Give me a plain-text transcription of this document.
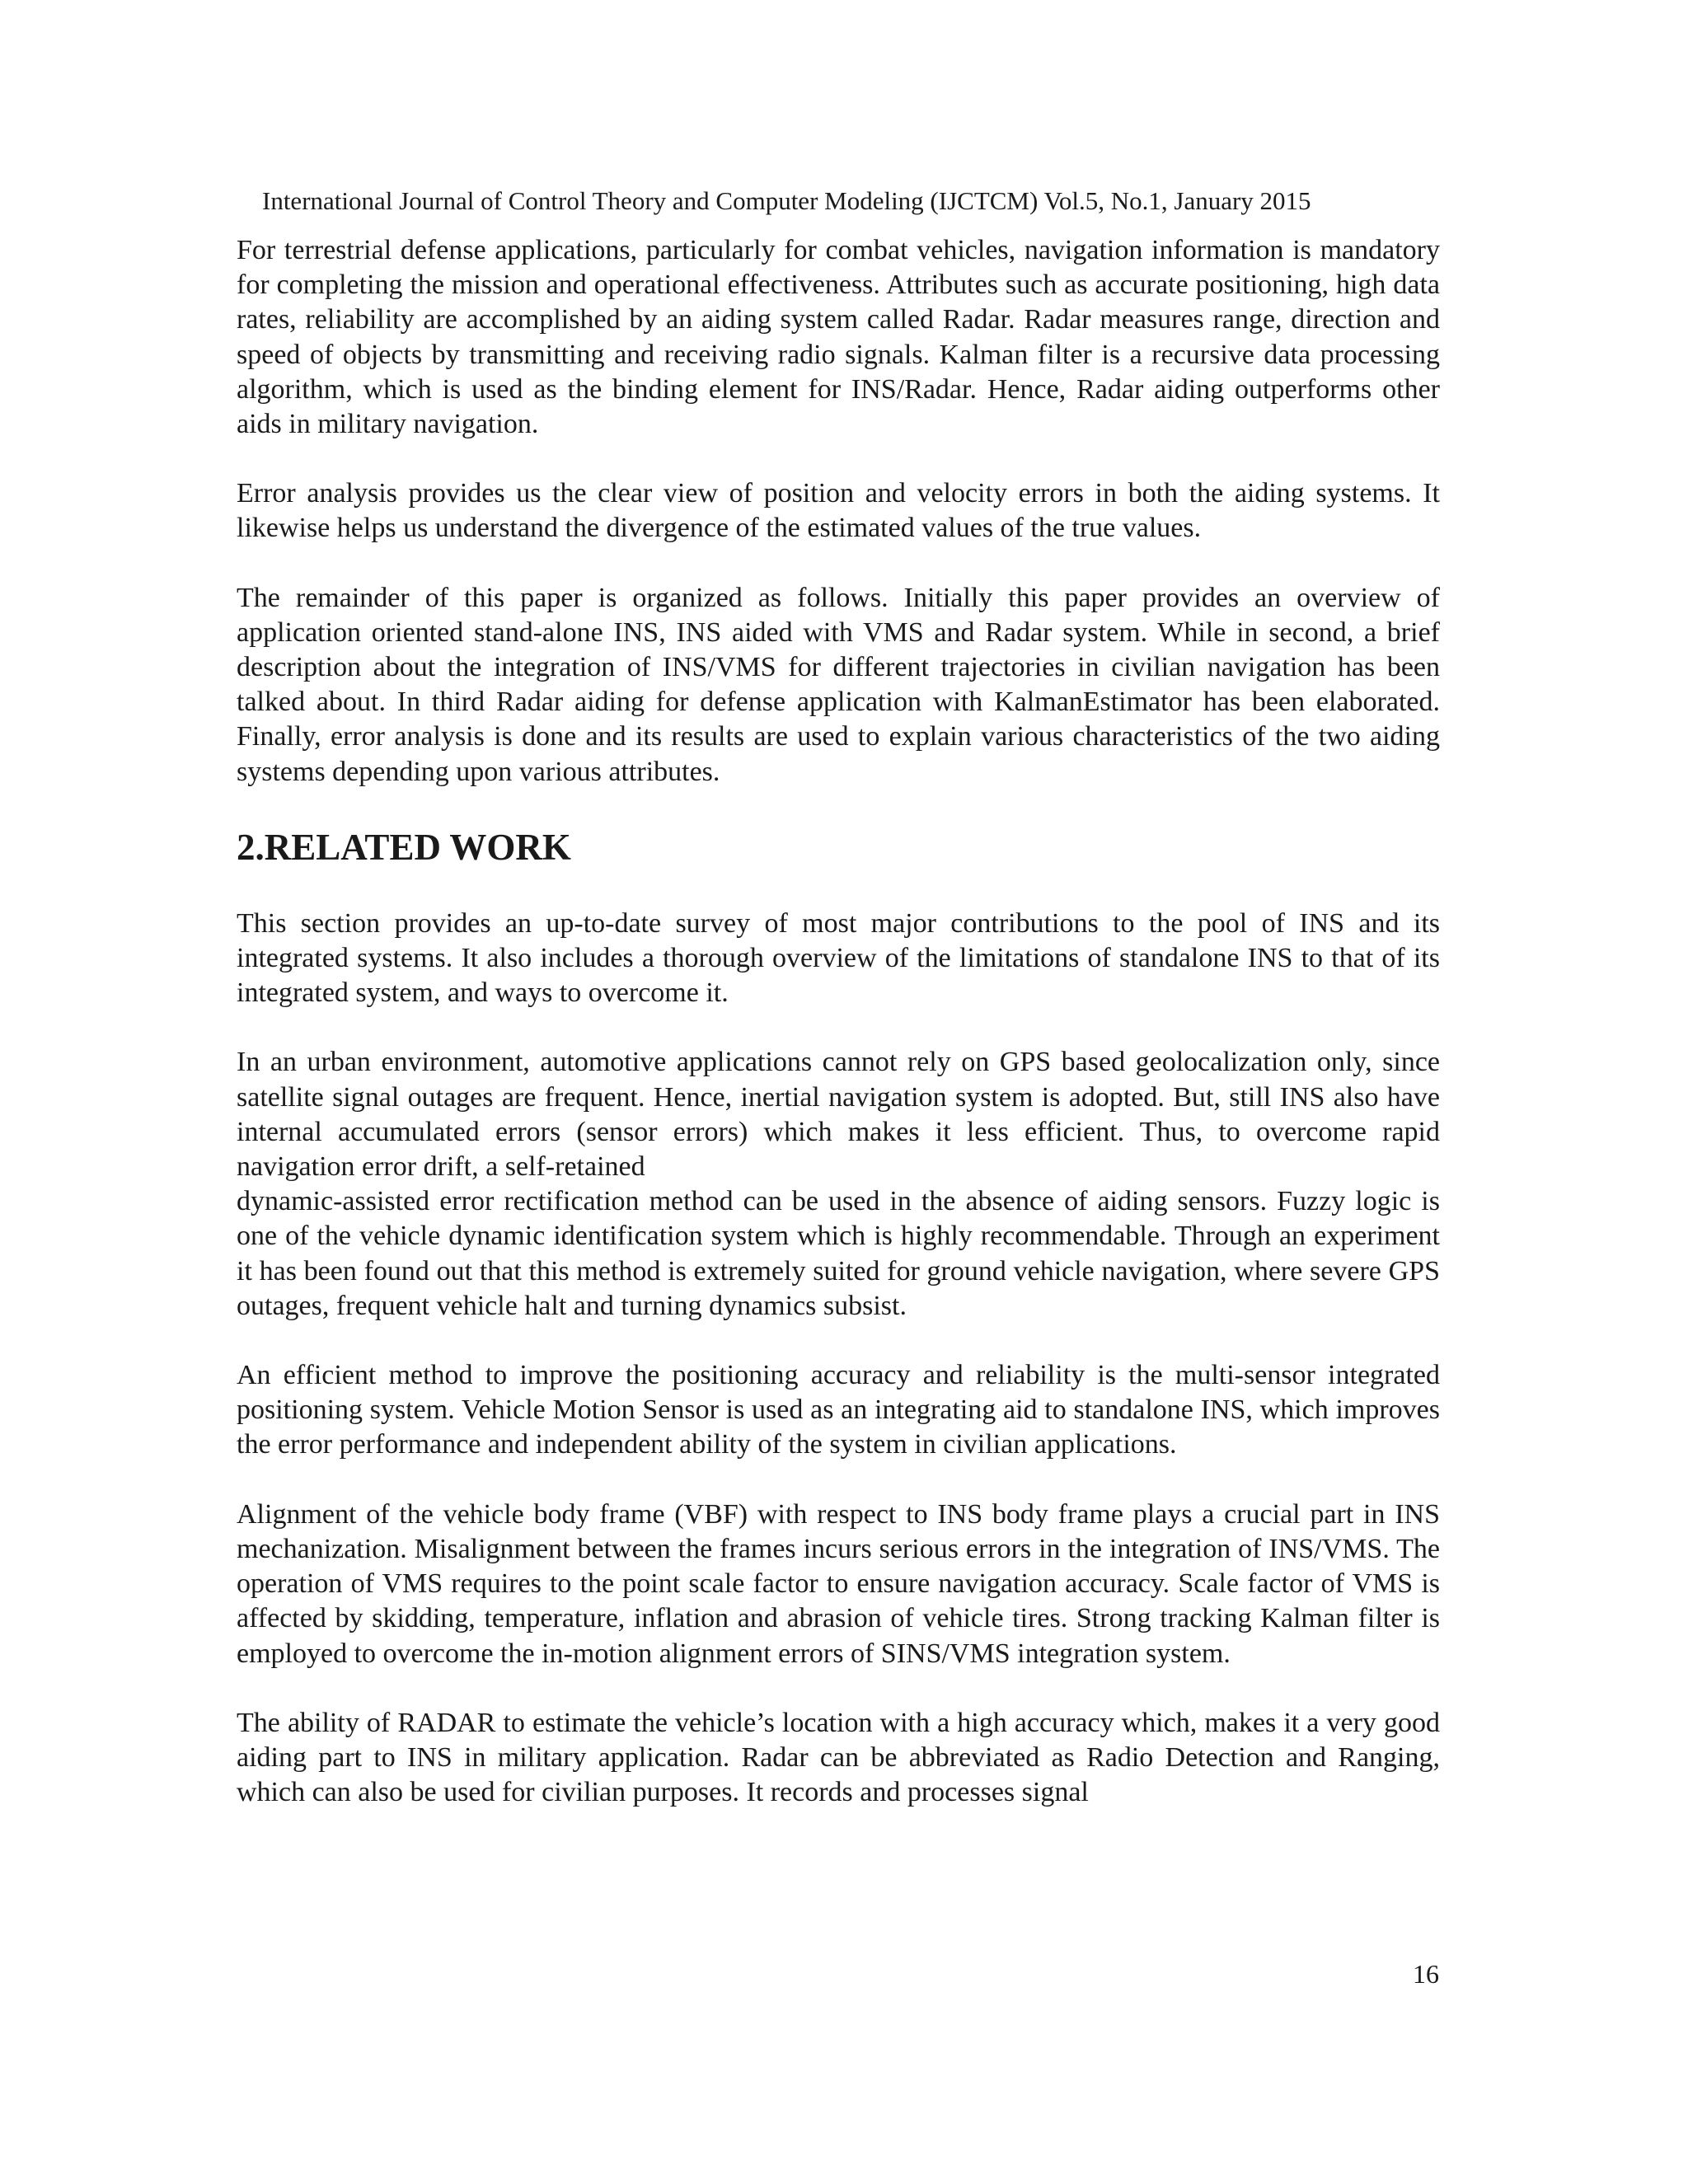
International Journal of Control Theory and Computer Modeling (IJCTCM) Vol.5, No.1, January 2015

For terrestrial defense applications, particularly for combat vehicles, navigation information is mandatory for completing the mission and operational effectiveness. Attributes such as accurate positioning, high data rates, reliability are accomplished by an aiding system called Radar. Radar measures range, direction and speed of objects by transmitting and receiving radio signals. Kalman filter is a recursive data processing algorithm, which is used as the binding element for INS/Radar. Hence, Radar aiding outperforms other aids in military navigation.

Error analysis provides us the clear view of position and velocity errors in both the aiding systems. It likewise helps us understand the divergence of the estimated values of the true values.

The remainder of this paper is organized as follows. Initially this paper provides an overview of application oriented stand-alone INS, INS aided with VMS and Radar system. While in second, a brief description about the integration of INS/VMS for different trajectories in civilian navigation has been talked about. In third Radar aiding for defense application with KalmanEstimator has been elaborated. Finally, error analysis is done and its results are used to explain various characteristics of the two aiding systems depending upon various attributes.

2.RELATED WORK

This section provides an up-to-date survey of most major contributions to the pool of INS and its integrated systems. It also includes a thorough overview of the limitations of standalone INS to that of its integrated system, and ways to overcome it.

In an urban environment, automotive applications cannot rely on GPS based geolocalization only, since satellite signal outages are frequent. Hence, inertial navigation system is adopted. But, still INS also have internal accumulated errors (sensor errors) which makes it less efficient. Thus, to overcome rapid navigation error drift, a self-retained

dynamic-assisted error rectification method can be used in the absence of aiding sensors. Fuzzy logic is one of the vehicle dynamic identification system which is highly recommendable. Through an experiment it has been found out that this method is extremely suited for ground vehicle navigation, where severe GPS outages, frequent vehicle halt and turning dynamics subsist.

An efficient method to improve the positioning accuracy and reliability is the multi-sensor integrated positioning system. Vehicle Motion Sensor is used as an integrating aid to standalone INS, which improves the error performance and independent ability of the system in civilian applications.

Alignment of the vehicle body frame (VBF) with respect to INS body frame plays a crucial part in INS mechanization. Misalignment between the frames incurs serious errors in the integration of INS/VMS. The operation of VMS requires to the point scale factor to ensure navigation accuracy. Scale factor of VMS is affected by skidding, temperature, inflation and abrasion of vehicle tires. Strong tracking Kalman filter is employed to overcome the in-motion alignment errors of SINS/VMS integration system.

The ability of RADAR to estimate the vehicle’s location with a high accuracy which, makes it a very good aiding part to INS in military application. Radar can be abbreviated as Radio Detection and Ranging, which can also be used for civilian purposes. It records and processes signal

16
